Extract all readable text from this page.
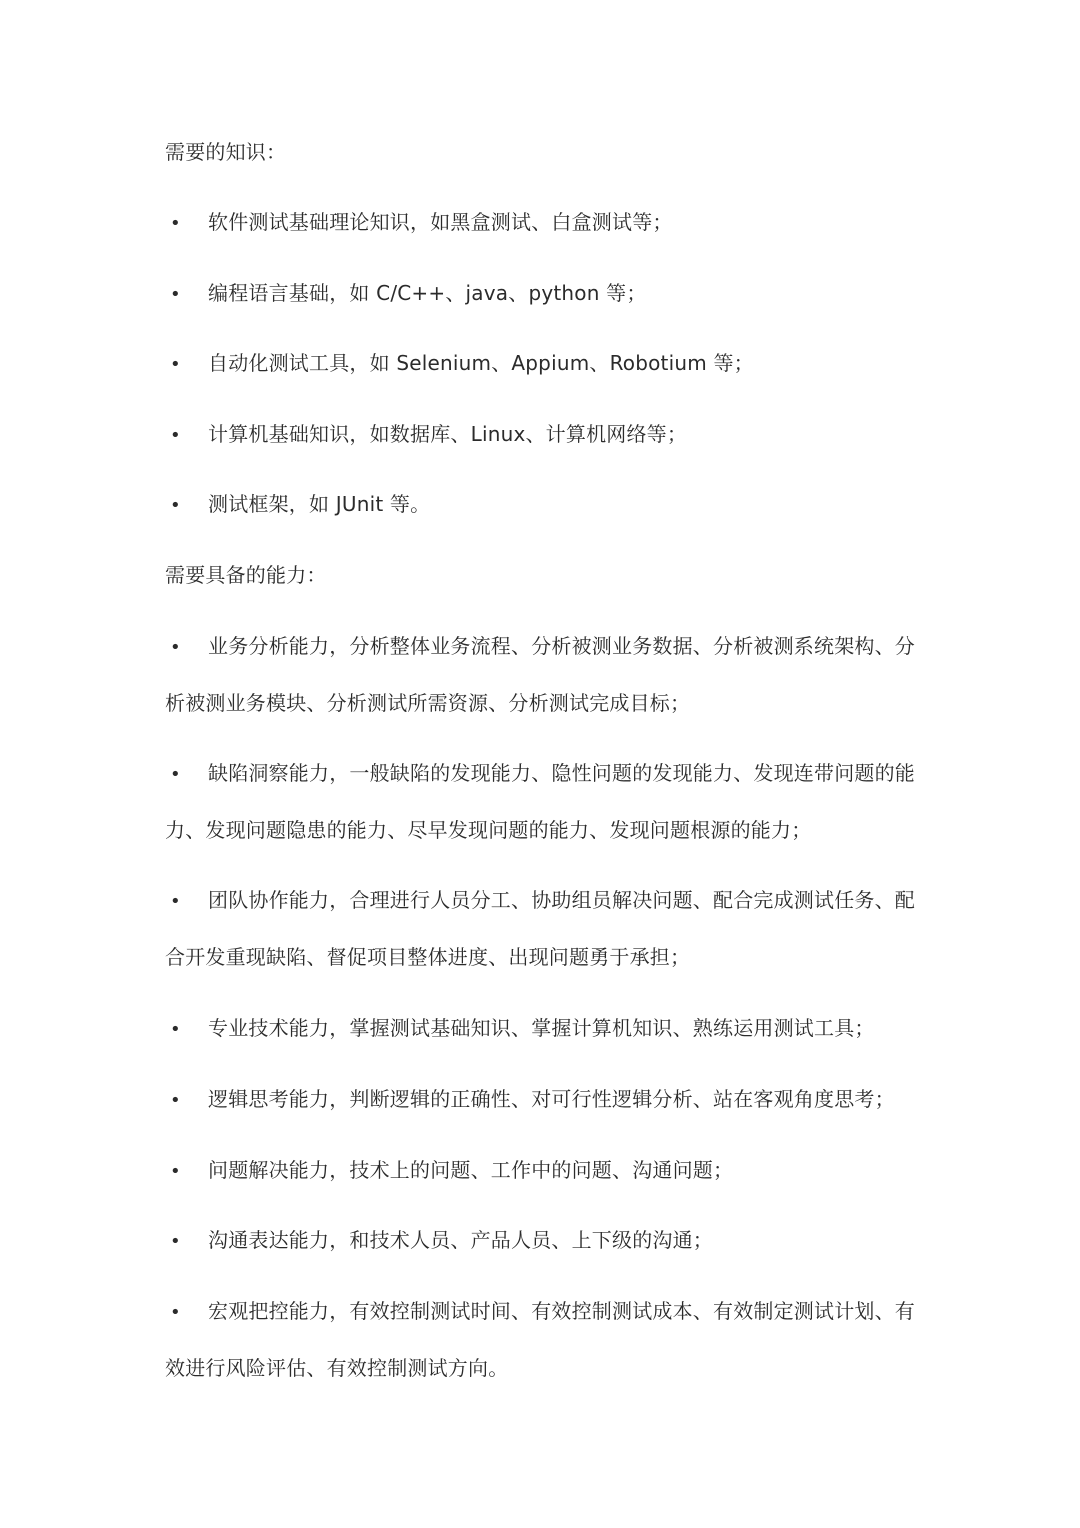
需要的知识：
• 软件测试基础理论知识，如黑盒测试、白盒测试等；
• 编程语言基础，如 C/C++、java、python 等；
• 自动化测试工具，如 Selenium、Appium、Robotium 等；
• 计算机基础知识，如数据库、Linux、计算机网络等；
• 测试框架，如 JUnit 等。
需要具备的能力：
• 业务分析能力，分析整体业务流程、分析被测业务数据、分析被测系统架构、分
析被测业务模块、分析测试所需资源、分析测试完成目标；
• 缺陷洞察能力，一般缺陷的发现能力、隐性问题的发现能力、发现连带问题的能
力、发现问题隐患的能力、尽早发现问题的能力、发现问题根源的能力；
• 团队协作能力，合理进行人员分工、协助组员解决问题、配合完成测试任务、配
合开发重现缺陷、督促项目整体进度、出现问题勇于承担；
• 专业技术能力，掌握测试基础知识、掌握计算机知识、熟练运用测试工具；
• 逻辑思考能力，判断逻辑的正确性、对可行性逻辑分析、站在客观角度思考；
• 问题解决能力，技术上的问题、工作中的问题、沟通问题；
• 沟通表达能力，和技术人员、产品人员、上下级的沟通；
• 宏观把控能力，有效控制测试时间、有效控制测试成本、有效制定测试计划、有
效进行风险评估、有效控制测试方向。
